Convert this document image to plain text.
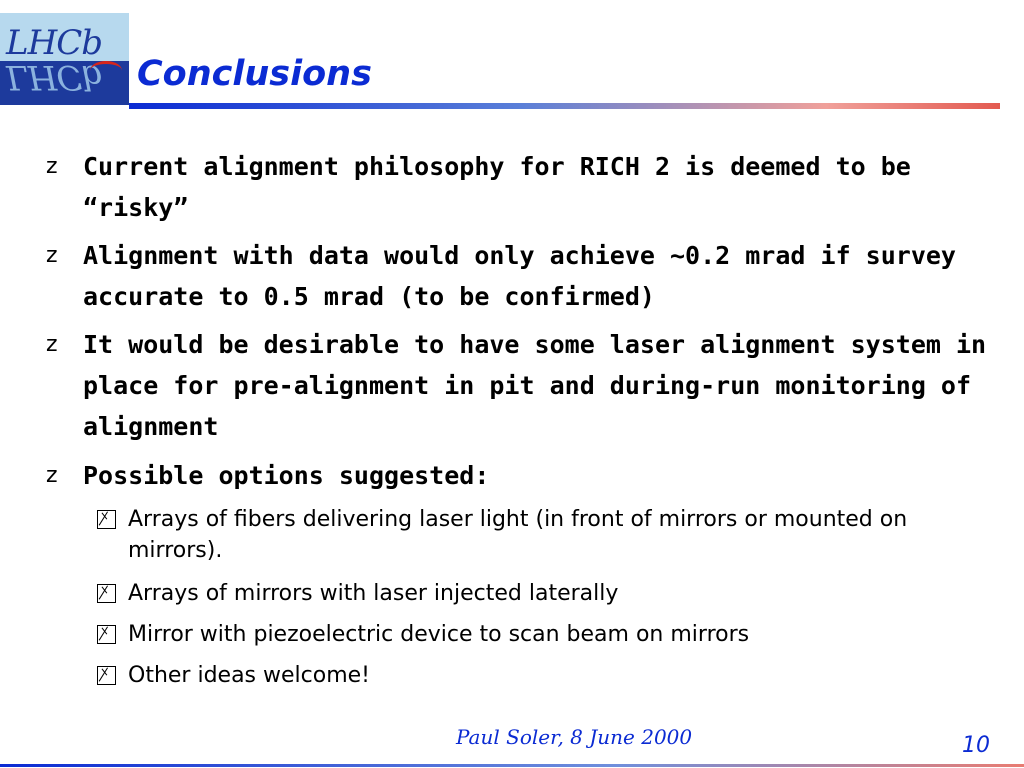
LHCb
LHCb Conclusions
z Current alignment philosophy for RICH 2 is deemed to be “risky”
z Alignment with data would only achieve ~0.2 mrad if survey accurate to 0.5 mrad (to be confirmed)
z It would be desirable to have some laser alignment system in place for pre-alignment in pit and during-run monitoring of alignment
z Possible options suggested:
Arrays of fibers delivering laser light (in front of mirrors or mounted on mirrors).
Arrays of mirrors with laser injected laterally
Mirror with piezoelectric device to scan beam on mirrors
Other ideas welcome!
Paul Soler, 8 June 2000	10
